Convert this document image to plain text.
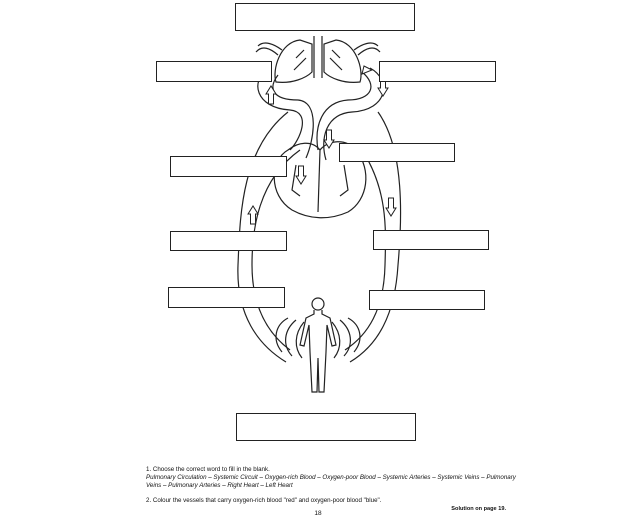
1. Choose the correct word to fill in the blank.

Pulmonary Circulation – Systemic Circuit – Oxygen-rich Blood – Oxygen-poor Blood – Systemic Arteries – Systemic Veins – Pulmonary Veins – Pulmonary Arteries – Right Heart – Left Heart

2. Colour the vessels that carry oxygen-rich blood "red" and oxygen-poor blood "blue".

Solution on page 19.
18
